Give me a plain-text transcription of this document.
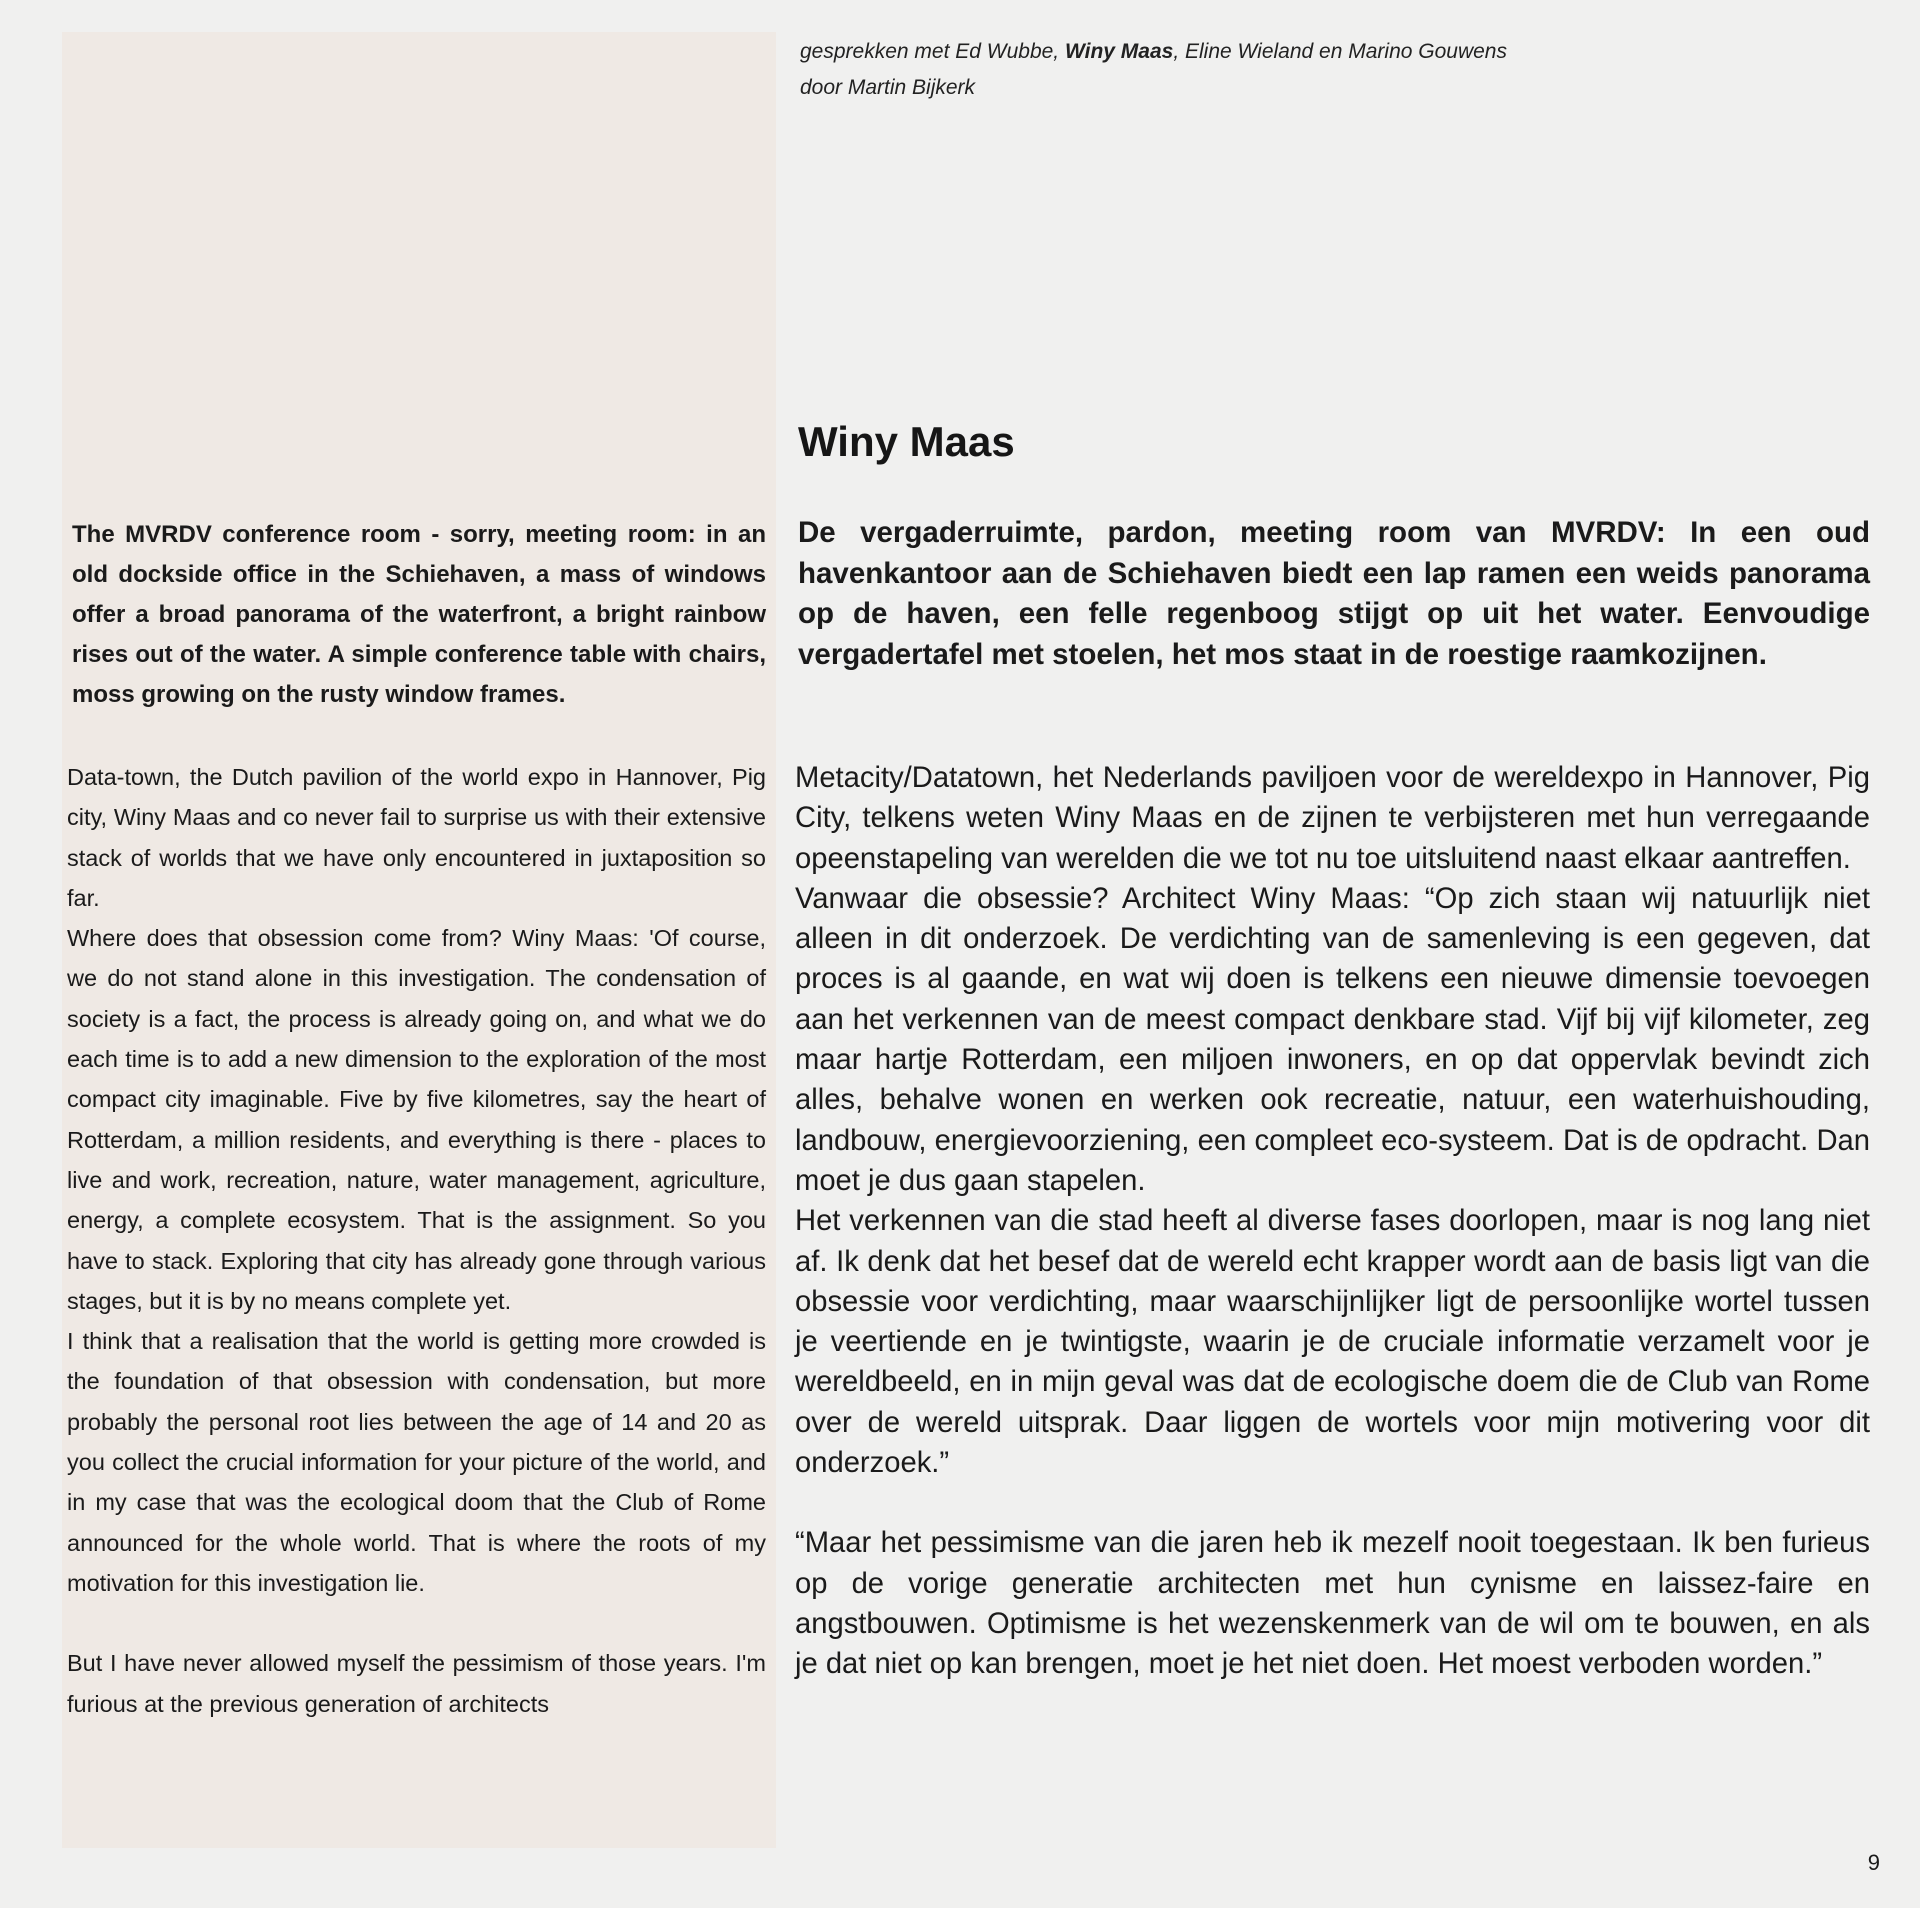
gesprekken met Ed Wubbe, Winy Maas, Eline Wieland en Marino Gouwens
door Martin Bijkerk
Winy Maas

The MVRDV conference room - sorry, meeting room: in an old dockside office in the Schiehaven, a mass of windows offer a broad panorama of the waterfront, a bright rainbow rises out of the water. A simple conference table with chairs, moss growing on the rusty window frames.

Data-town, the Dutch pavilion of the world expo in Hannover, Pig city, Winy Maas and co never fail to surprise us with their extensive stack of worlds that we have only encountered in juxtaposition so far.

Where does that obsession come from? Winy Maas: 'Of course, we do not stand alone in this investigation. The condensation of society is a fact, the process is already going on, and what we do each time is to add a new dimension to the exploration of the most compact city imaginable. Five by five kilometres, say the heart of Rotterdam, a million residents, and everything is there - places to live and work, recreation, nature, water management, agriculture, energy, a complete ecosystem. That is the assignment. So you have to stack. Exploring that city has already gone through various stages, but it is by no means complete yet.

I think that a realisation that the world is getting more crowded is the foundation of that obsession with condensation, but more probably the personal root lies between the age of 14 and 20 as you collect the crucial information for your picture of the world, and in my case that was the ecological doom that the Club of Rome announced for the whole world. That is where the roots of my motivation for this investigation lie.

But I have never allowed myself the pessimism of those years. I'm furious at the previous generation of architects

De vergaderruimte, pardon, meeting room van MVRDV: In een oud havenkantoor aan de Schiehaven biedt een lap ramen een weids panorama op de haven, een felle regenboog stijgt op uit het water. Eenvoudige vergadertafel met stoelen, het mos staat in de roestige raamkozijnen.

Metacity/Datatown, het Nederlands paviljoen voor de wereldexpo in Hannover, Pig City, telkens weten Winy Maas en de zijnen te verbijsteren met hun verregaande opeenstapeling van werelden die we tot nu toe uitsluitend naast elkaar aantreffen.

Vanwaar die obsessie? Architect Winy Maas: “Op zich staan wij natuurlijk niet alleen in dit onderzoek. De verdichting van de samenleving is een gegeven, dat proces is al gaande, en wat wij doen is telkens een nieuwe dimensie toevoegen aan het verkennen van de meest compact denkbare stad. Vijf bij vijf kilometer, zeg maar hartje Rotterdam, een miljoen inwoners, en op dat oppervlak bevindt zich alles, behalve wonen en werken ook recreatie, natuur, een waterhuishouding, landbouw, energievoorziening, een compleet eco-systeem. Dat is de opdracht. Dan moet je dus gaan stapelen.

Het verkennen van die stad heeft al diverse fases doorlopen, maar is nog lang niet af. Ik denk dat het besef dat de wereld echt krapper wordt aan de basis ligt van die obsessie voor verdichting, maar waarschijnlijker ligt de persoonlijke wortel tussen je veertiende en je twintigste, waarin je de cruciale informatie verzamelt voor je wereldbeeld, en in mijn geval was dat de ecologische doem die de Club van Rome over de wereld uitsprak. Daar liggen de wortels voor mijn motivering voor dit onderzoek.”

“Maar het pessimisme van die jaren heb ik mezelf nooit toegestaan. Ik ben furieus op de vorige generatie architecten met hun cynisme en laissez-faire en angstbouwen. Optimisme is het wezenskenmerk van de wil om te bouwen, en als je dat niet op kan brengen, moet je het niet doen. Het moest verboden worden.”

9
